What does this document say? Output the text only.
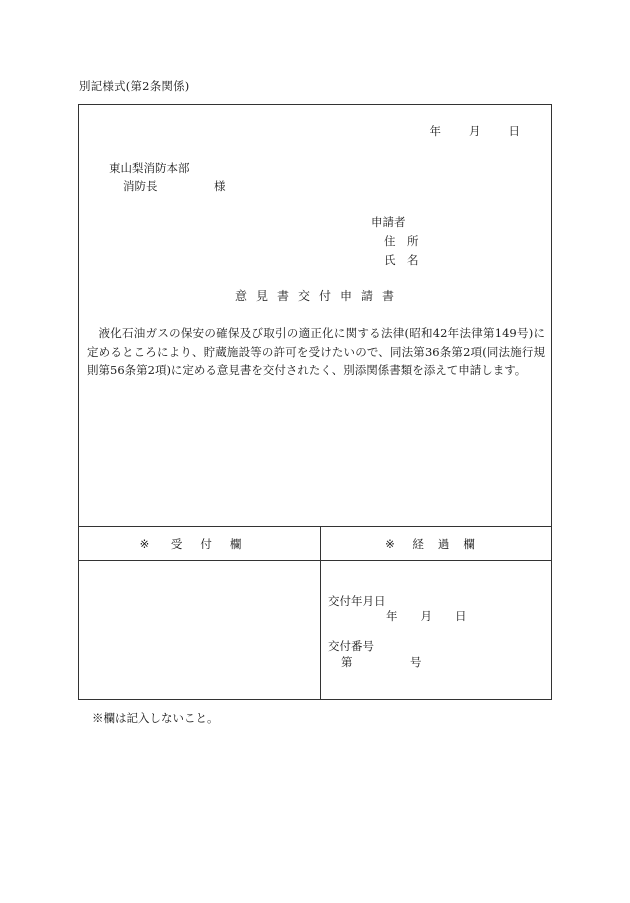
別記様式(第2条関係)
年 月 日
東山梨消防本部
消防長	様
申請者
住　所
氏　名
意見書交付申請書
液化石油ガスの保安の確保及び取引の適正化に関する法律(昭和42年法律第149号)に定めるところにより、貯蔵施設等の許可を受けたいので、同法第36条第2項(同法施行規則第56条第2項)に定める意見書を交付されたく、別添関係書類を添えて申請します。
※ 受付欄	※ 経過欄
交付年月日
年　　月　　日
交付番号
第　　　　　号
※欄は記入しないこと。
